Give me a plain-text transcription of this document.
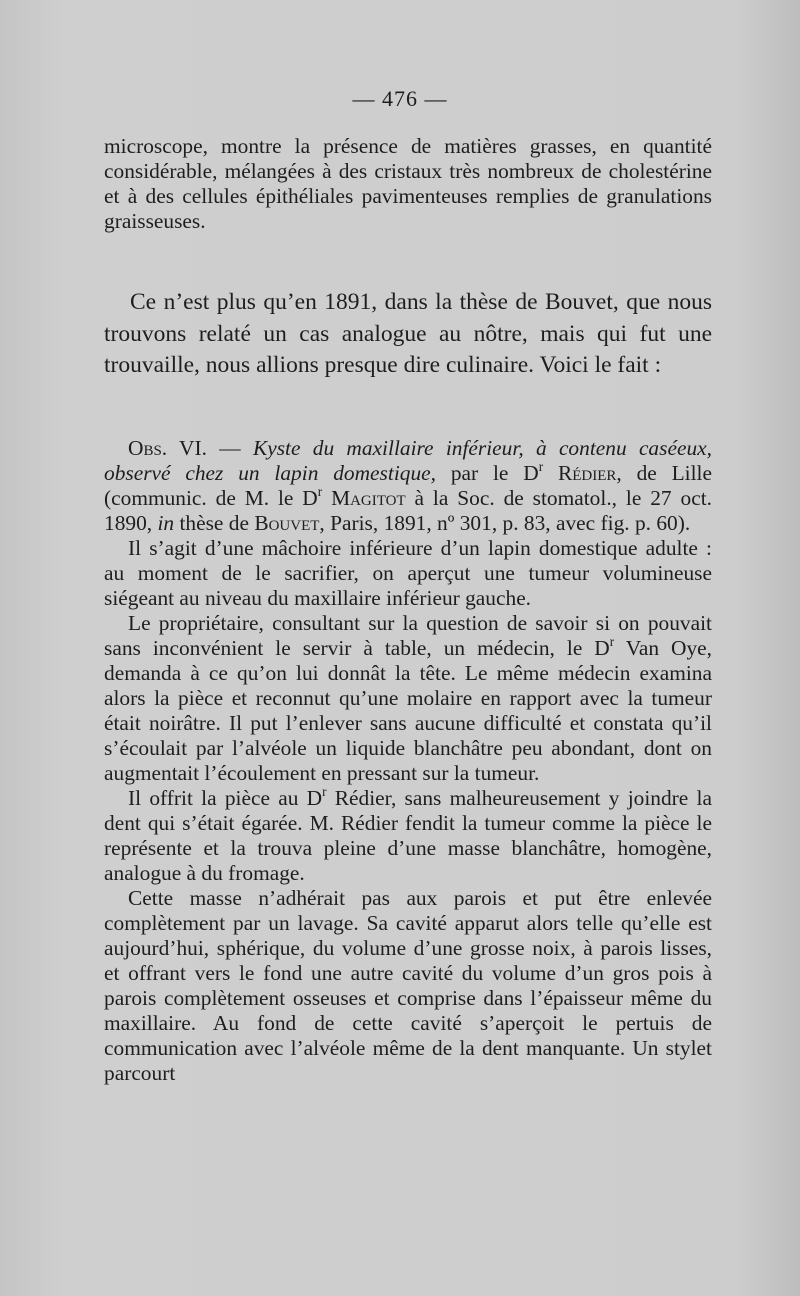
— 476 —

microscope, montre la présence de matières grasses, en quantité considérable, mélangées à des cristaux très nombreux de cholestérine et à des cellules épithéliales pavimenteuses remplies de granulations graisseuses.

Ce n’est plus qu’en 1891, dans la thèse de Bouvet, que nous trouvons relaté un cas analogue au nôtre, mais qui fut une trouvaille, nous allions presque dire culinaire. Voici le fait :

Obs. VI. — Kyste du maxillaire inférieur, à contenu caséeux, observé chez un lapin domestique, par le $D^r$ Rédier, de Lille (communic. de M. le $D^r$ Magitot à la Soc. de stomatol., le 27 oct. 1890, in thèse de Bouvet, Paris, 1891, nº 301, p. 83, avec fig. p. 60).

Il s’agit d’une mâchoire inférieure d’un lapin domestique adulte : au moment de le sacrifier, on aperçut une tumeur volumineuse siégeant au niveau du maxillaire inférieur gauche.

Le propriétaire, consultant sur la question de savoir si on pouvait sans inconvénient le servir à table, un médecin, le $D^r$ Van Oye, demanda à ce qu’on lui donnât la tête. Le même médecin examina alors la pièce et reconnut qu’une molaire en rapport avec la tumeur était noirâtre. Il put l’enlever sans aucune difficulté et constata qu’il s’écoulait par l’alvéole un liquide blanchâtre peu abondant, dont on augmentait l’écoulement en pressant sur la tumeur.

Il offrit la pièce au $D^r$ Rédier, sans malheureusement y joindre la dent qui s’était égarée. M. Rédier fendit la tumeur comme la pièce le représente et la trouva pleine d’une masse blanchâtre, homogène, analogue à du fromage.

Cette masse n’adhérait pas aux parois et put être enlevée complètement par un lavage. Sa cavité apparut alors telle qu’elle est aujourd’hui, sphérique, du volume d’une grosse noix, à parois lisses, et offrant vers le fond une autre cavité du volume d’un gros pois à parois complètement osseuses et comprise dans l’épaisseur même du maxillaire. Au fond de cette cavité s’aperçoit le pertuis de communication avec l’alvéole même de la dent manquante. Un stylet parcourt
